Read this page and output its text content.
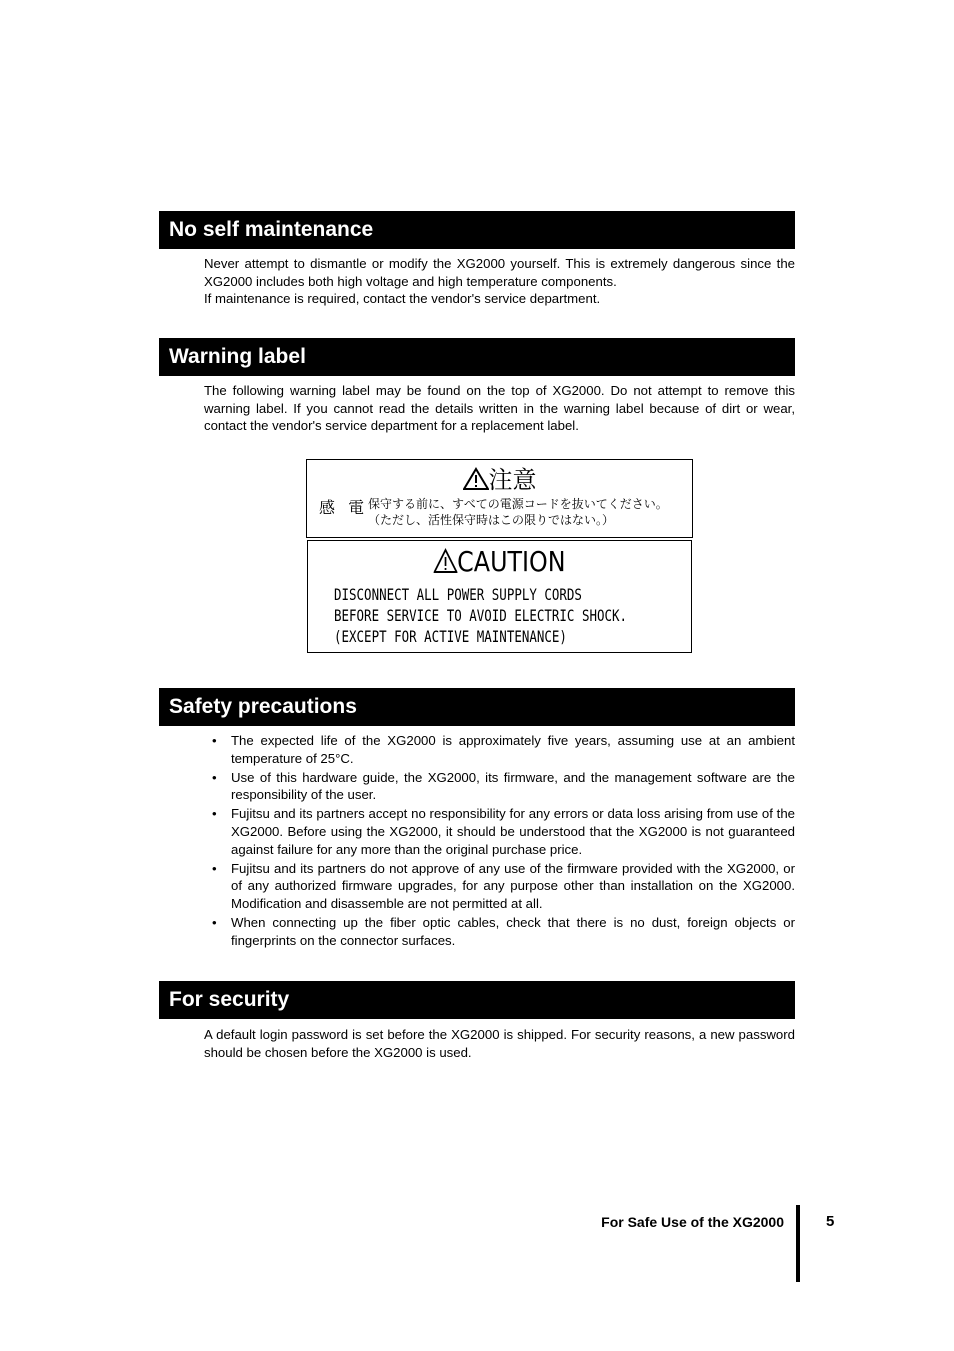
No self maintenance

Never attempt to dismantle or modify the XG2000 yourself. This is extremely dangerous since the XG2000 includes both high voltage and high temperature components.

If maintenance is required, contact the vendor's service department.

Warning label

The following warning label may be found on the top of XG2000. Do not attempt to remove this warning label. If you cannot read the details written in the warning label because of dirt or wear, contact the vendor's service department for a replacement label.

注意
感 電 保守する前に、すべての電源コードを抜いてください。
（ただし、活性保守時はこの限りではない。）
CAUTION
DISCONNECT ALL POWER SUPPLY CORDS
BEFORE SERVICE TO AVOID ELECTRIC SHOCK.
(EXCEPT FOR ACTIVE MAINTENANCE)
Safety precautions
• The expected life of the XG2000 is approximately five years, assuming use at an ambient temperature of 25°C.
• Use of this hardware guide, the XG2000, its firmware, and the management software are the responsibility of the user.
• Fujitsu and its partners accept no responsibility for any errors or data loss arising from use of the XG2000. Before using the XG2000, it should be understood that the XG2000 is not guaranteed against failure for any more than the original purchase price.
• Fujitsu and its partners do not approve of any use of the firmware provided with the XG2000, or of any authorized firmware upgrades, for any purpose other than installation on the XG2000. Modification and disassemble are not permitted at all.
• When connecting up the fiber optic cables, check that there is no dust, foreign objects or fingerprints on the connector surfaces.
For security

A default login password is set before the XG2000 is shipped. For security reasons, a new password should be chosen before the XG2000 is used.

For Safe Use of the XG2000	5
